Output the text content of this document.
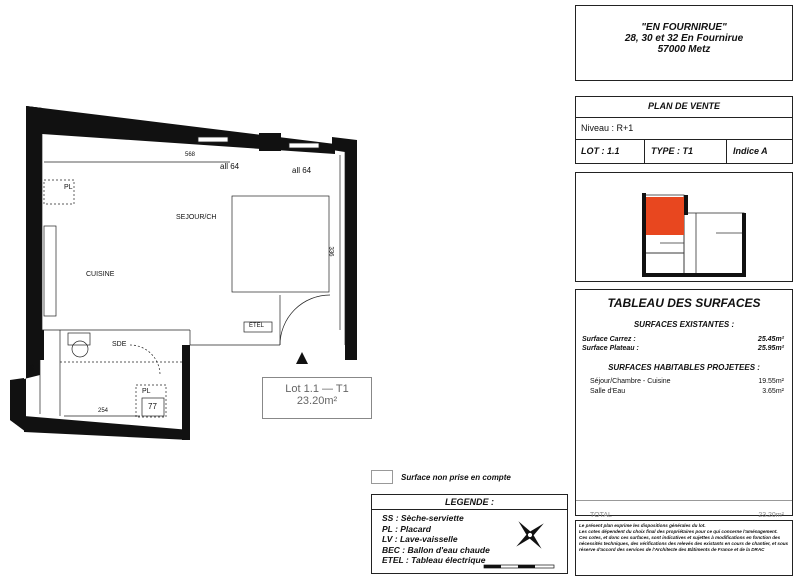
568
all 64	all 64
336
SEJOUR/CH
CUISINE
SDE
PL
PL
168
254	77
ETEL
Lot 1.1 — T1
23.20m²
"EN FOURNIRUE"
28, 30 et 32 En Fournirue
57000 Metz
PLAN DE VENTE
Niveau : R+1
LOT : 1.1	TYPE : T1	Indice A
TABLEAU DES SURFACES
SURFACES EXISTANTES :
Surface Carrez :	25.45m²
Surface Plateau :	25.95m²
SURFACES HABITABLES PROJETEES :
Séjour/Chambre - Cuisine	19.55m²
Salle d'Eau	3.65m²
TOTAL	23.20m²
Le présent plan exprime les dispositions générales du lot.
Les cotes dépendent du choix final des propriétaires pour ce qui concerne l'aménagement.
Ces cotes, et donc ces surfaces, sont indicatives et sujettes à modifications en fonction des nécessités techniques, des vérifications des relevés des existants en cours de chantier, et sous réserve d'accord des services de l'Architecte des Bâtiments de France et de la DRAC
Surface non prise en compte
LEGENDE :
SS : Sèche-serviette
PL : Placard
LV : Lave-vaisselle
BEC : Ballon d'eau chaude
ETEL : Tableau électrique
